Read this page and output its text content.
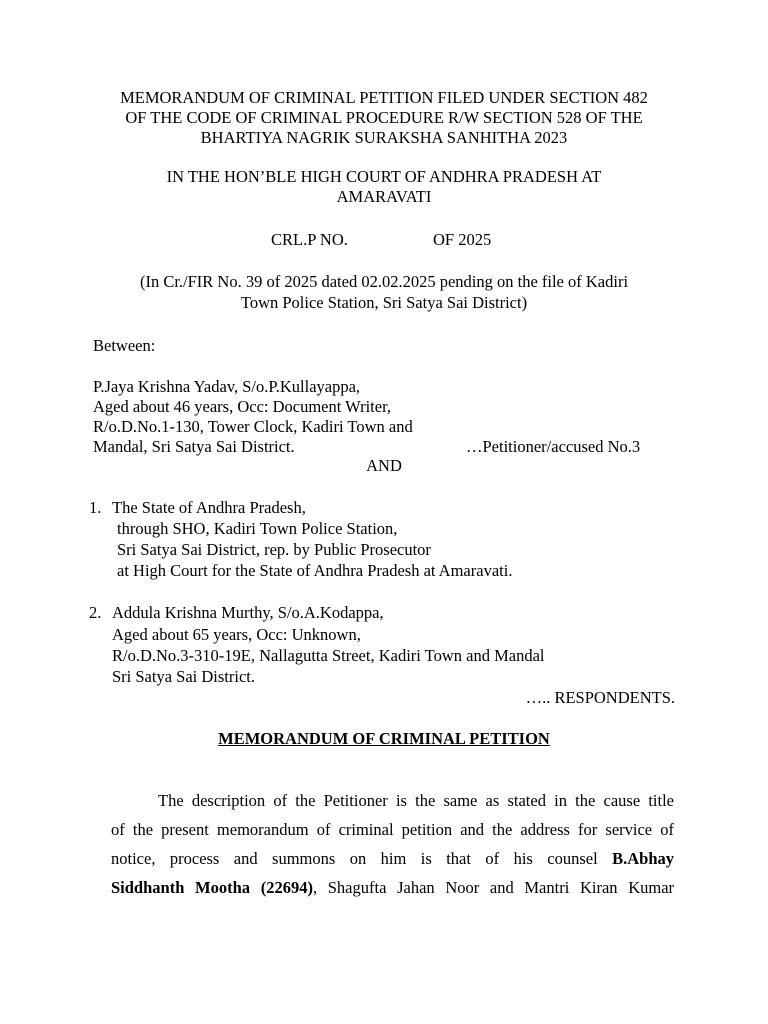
MEMORANDUM OF CRIMINAL PETITION FILED UNDER SECTION 482
OF THE CODE OF CRIMINAL PROCEDURE R/W SECTION 528 OF THE
BHARTIYA NAGRIK SURAKSHA SANHITHA 2023
IN THE HON’BLE HIGH COURT OF ANDHRA PRADESH AT
AMARAVATI
CRL.P NO.	OF 2025
(In Cr./FIR No. 39 of 2025 dated 02.02.2025 pending on the file of Kadiri
Town Police Station, Sri Satya Sai District)
Between:
P.Jaya Krishna Yadav, S/o.P.Kullayappa,
Aged about 46 years, Occ: Document Writer,
R/o.D.No.1-130, Tower Clock, Kadiri Town and
Mandal, Sri Satya Sai District.	…Petitioner/accused No.3
AND
1. The State of Andhra Pradesh,
through SHO, Kadiri Town Police Station,
Sri Satya Sai District, rep. by Public Prosecutor
at High Court for the State of Andhra Pradesh at Amaravati.
2. Addula Krishna Murthy, S/o.A.Kodappa,
Aged about 65 years, Occ: Unknown,
R/o.D.No.3-310-19E, Nallagutta Street, Kadiri Town and Mandal
Sri Satya Sai District.
….. RESPONDENTS.
MEMORANDUM OF CRIMINAL PETITION
The description of the Petitioner is the same as stated in the cause title
of the present memorandum of criminal petition and the address for service of
notice, process and summons on him is that of his counsel B.Abhay
Siddhanth Mootha (22694), Shagufta Jahan Noor and Mantri Kiran Kumar
